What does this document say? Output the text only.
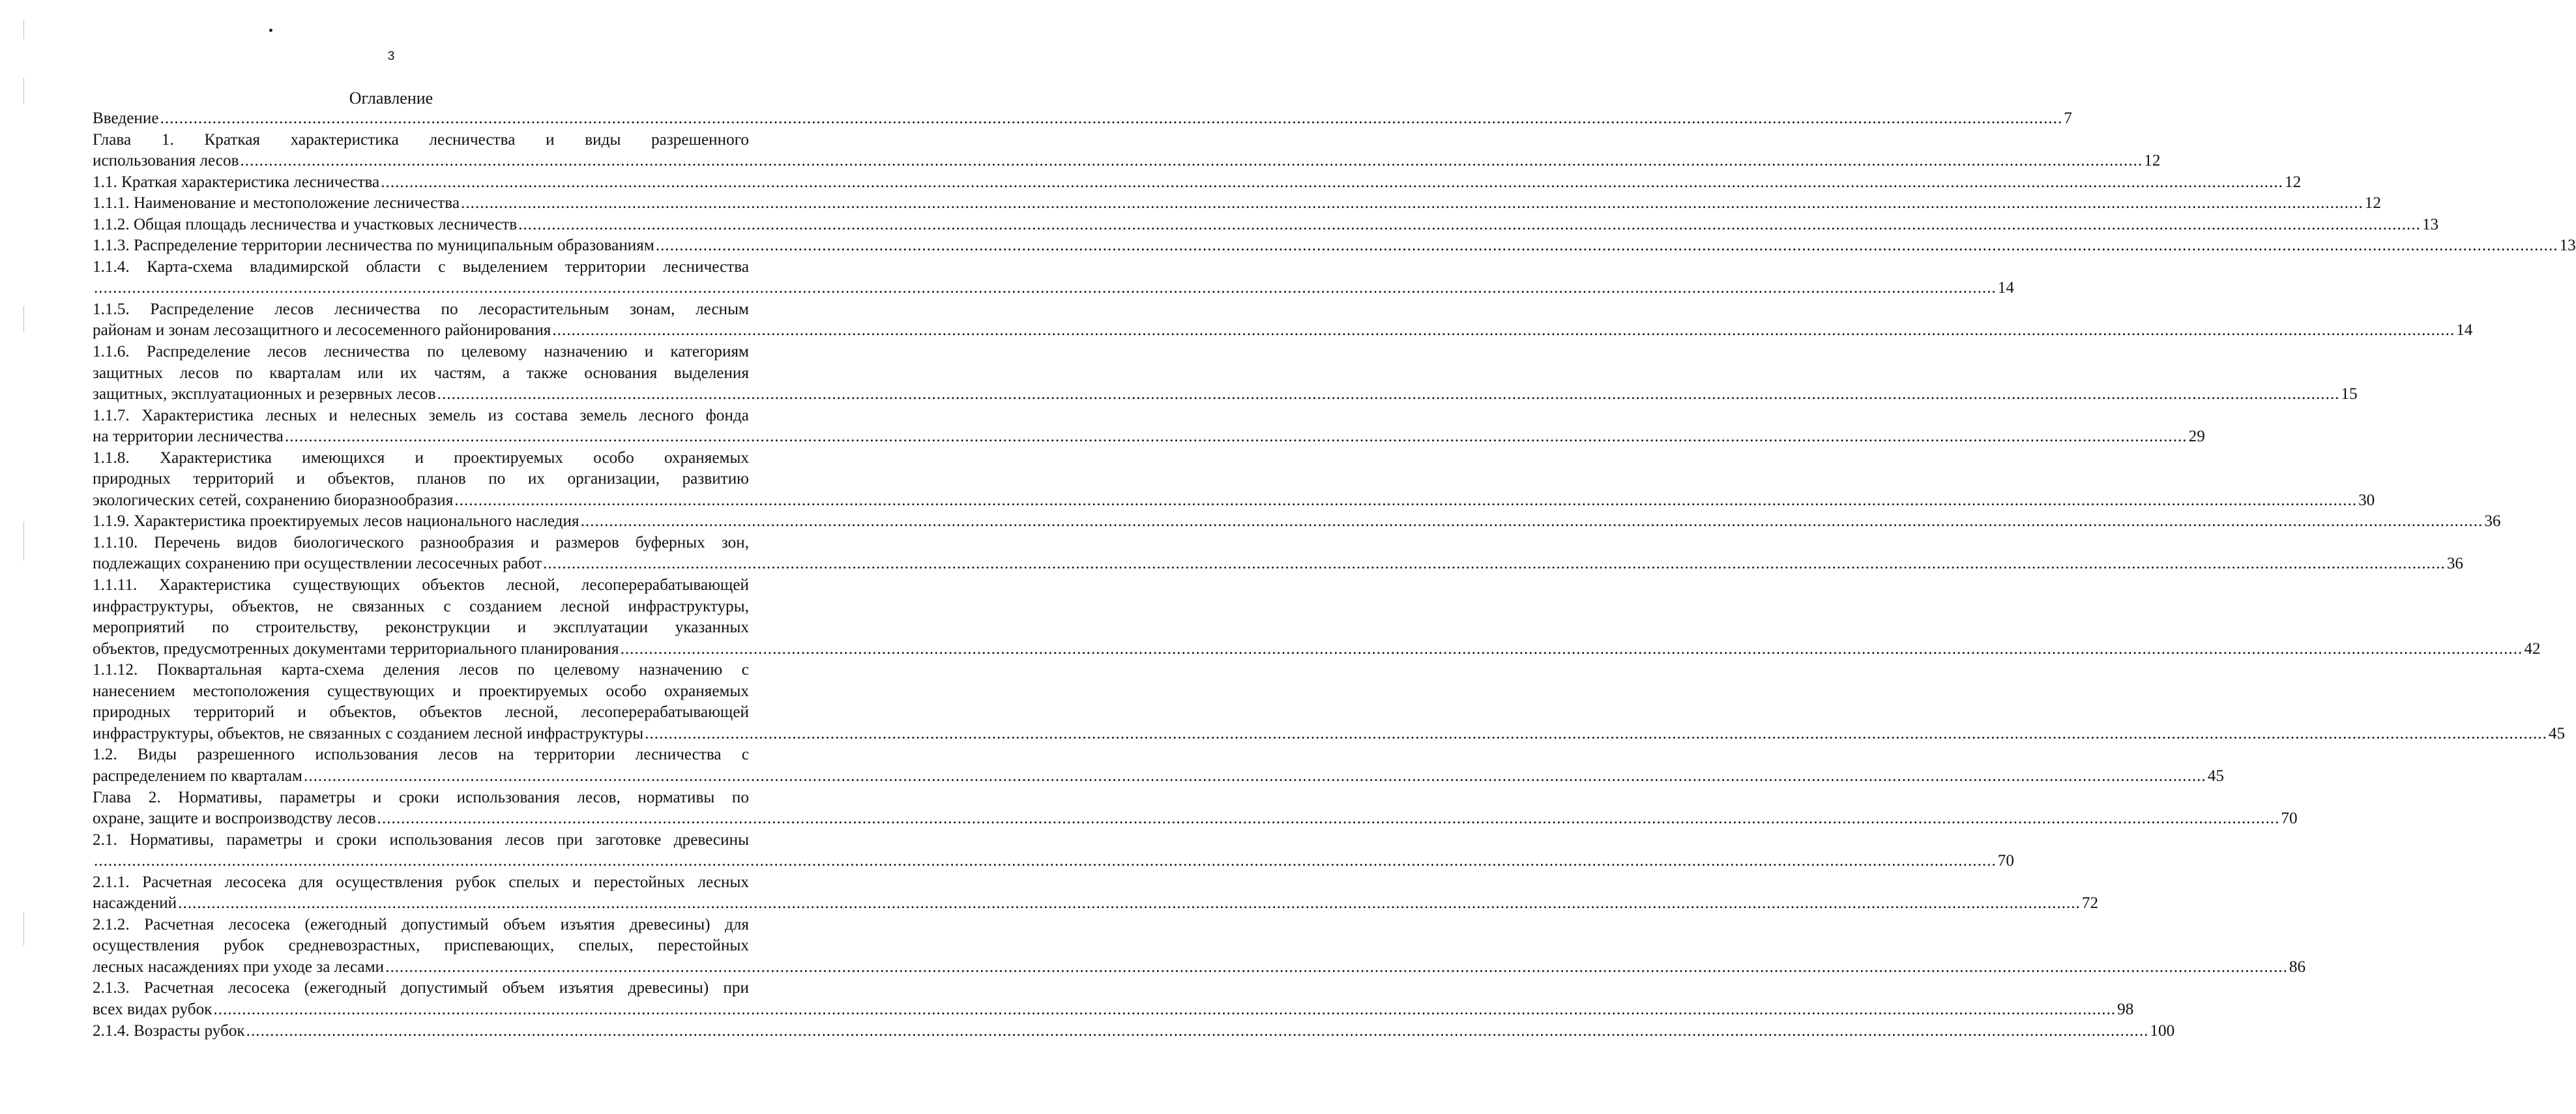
3
Оглавление
Введение ................................................................................................................................................................................................................................................................................................................................................................................................................ 7
Глава 1. Краткая характеристика лесничества и виды разрешенного
использования лесов ................................................................................................................................................................................................................................................................................................................................................................................................................ 12
1.1. Краткая характеристика лесничества ................................................................................................................................................................................................................................................................................................................................................................................................................ 12
1.1.1. Наименование и местоположение лесничества ................................................................................................................................................................................................................................................................................................................................................................................................................ 12
1.1.2. Общая площадь лесничества и участковых лесничеств ................................................................................................................................................................................................................................................................................................................................................................................................................ 13
1.1.3. Распределение территории лесничества по муниципальным образованиям ................................................................................................................................................................................................................................................................................................................................................................................................................ 13
1.1.4. Карта-схема владимирской области с выделением территории лесничества
................................................................................................................................................................................................................................................................................................................................................................................................................ 14
1.1.5. Распределение лесов лесничества по лесорастительным зонам, лесным
районам и зонам лесозащитного и лесосеменного районирования ................................................................................................................................................................................................................................................................................................................................................................................................................ 14
1.1.6. Распределение лесов лесничества по целевому назначению и категориям
защитных лесов по кварталам или их частям, а также основания выделения
защитных, эксплуатационных и резервных лесов ................................................................................................................................................................................................................................................................................................................................................................................................................ 15
1.1.7. Характеристика лесных и нелесных земель из состава земель лесного фонда
на территории лесничества ................................................................................................................................................................................................................................................................................................................................................................................................................ 29
1.1.8. Характеристика имеющихся и проектируемых особо охраняемых
природных территорий и объектов, планов по их организации, развитию
экологических сетей, сохранению биоразнообразия ................................................................................................................................................................................................................................................................................................................................................................................................................ 30
1.1.9. Характеристика проектируемых лесов национального наследия ................................................................................................................................................................................................................................................................................................................................................................................................................ 36
1.1.10. Перечень видов биологического разнообразия и размеров буферных зон,
подлежащих сохранению при осуществлении лесосечных работ ................................................................................................................................................................................................................................................................................................................................................................................................................ 36
1.1.11. Характеристика существующих объектов лесной, лесоперерабатывающей
инфраструктуры, объектов, не связанных с созданием лесной инфраструктуры,
мероприятий по строительству, реконструкции и эксплуатации указанных
объектов, предусмотренных документами территориального планирования ................................................................................................................................................................................................................................................................................................................................................................................................................ 42
1.1.12. Поквартальная карта-схема деления лесов по целевому назначению с
нанесением местоположения существующих и проектируемых особо охраняемых
природных территорий и объектов, объектов лесной, лесоперерабатывающей
инфраструктуры, объектов, не связанных с созданием лесной инфраструктуры ................................................................................................................................................................................................................................................................................................................................................................................................................ 45
1.2. Виды разрешенного использования лесов на территории лесничества с
распределением по кварталам ................................................................................................................................................................................................................................................................................................................................................................................................................ 45
Глава 2. Нормативы, параметры и сроки использования лесов, нормативы по
охране, защите и воспроизводству лесов ................................................................................................................................................................................................................................................................................................................................................................................................................ 70
2.1. Нормативы, параметры и сроки использования лесов при заготовке древесины
................................................................................................................................................................................................................................................................................................................................................................................................................ 70
2.1.1. Расчетная лесосека для осуществления рубок спелых и перестойных лесных
насаждений ................................................................................................................................................................................................................................................................................................................................................................................................................ 72
2.1.2. Расчетная лесосека (ежегодный допустимый объем изъятия древесины) для
осуществления рубок средневозрастных, приспевающих, спелых, перестойных
лесных насаждениях при уходе за лесами ................................................................................................................................................................................................................................................................................................................................................................................................................ 86
2.1.3. Расчетная лесосека (ежегодный допустимый объем изъятия древесины) при
всех видах рубок ................................................................................................................................................................................................................................................................................................................................................................................................................ 98
2.1.4. Возрасты рубок ................................................................................................................................................................................................................................................................................................................................................................................................................ 100
